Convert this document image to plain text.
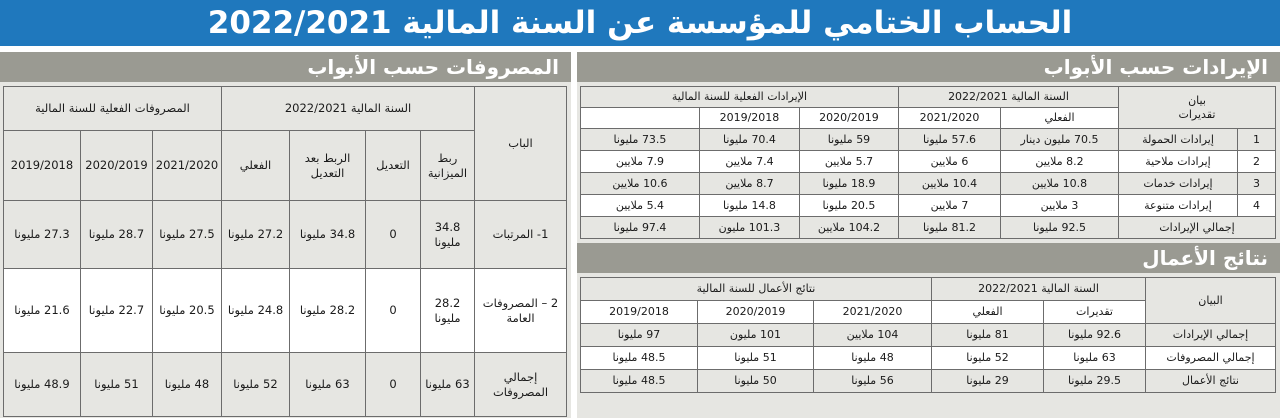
الحساب الختامي للمؤسسة عن السنة المالية 2022/2021
المصروفات حسب الأبواب
الباب	السنة المالية 2022/2021				المصروفات الفعلية للسنة المالية		
	ربط الميزانية	التعديل	الربط بعد التعديل	الفعلي	2021/2020	2020/2019	2019/2018
1- المرتبات	34.8 مليونا	0	34.8 مليونا	27.2 مليونا	27.5 مليونا	28.7 مليونا	27.3 مليونا
2 – المصروفات العامة	28.2 مليونا	0	28.2 مليونا	24.8 مليونا	20.5 مليونا	22.7 مليونا	21.6 مليونا
إجمالي المصروفات	63 مليونا	0	63 مليونا	52 مليونا	48 مليونا	51 مليونا	48.9 مليونا
الإيرادات حسب الأبواب
بيان
تقديرات		السنة المالية 2022/2021		الإيرادات الفعلية للسنة المالية		
		الفعلي	2021/2020	2020/2019	2019/2018	
1	إيرادات الحمولة	70.5 مليون دينار	57.6 مليونا	59 مليونا	70.4 مليونا	73.5 مليونا
2	إيرادات ملاحية	8.2 ملايين	6 ملايين	5.7 ملايين	7.4 ملايين	7.9 ملايين
3	إيرادات خدمات	10.8 ملايين	10.4 ملايين	18.9 مليونا	8.7 ملايين	10.6 ملايين
4	إيرادات متنوعة	3 ملايين	7 ملايين	20.5 مليونا	14.8 مليونا	5.4 ملايين
إجمالي الإيرادات		92.5 مليونا	81.2 مليونا	104.2 ملايين	101.3 مليون	97.4 مليونا
نتائج الأعمال
البيان	السنة المالية 2022/2021		نتائج الأعمال للسنة المالية		
	تقديرات	الفعلي	2021/2020	2020/2019	2019/2018
إجمالي الإيرادات	92.6 مليونا	81 مليونا	104 ملايين	101 مليون	97 مليونا
إجمالي المصروفات	63 مليونا	52 مليونا	48 مليونا	51 مليونا	48.5 مليونا
نتائج الأعمال	29.5 مليونا	29 مليونا	56 مليونا	50 مليونا	48.5 مليونا
